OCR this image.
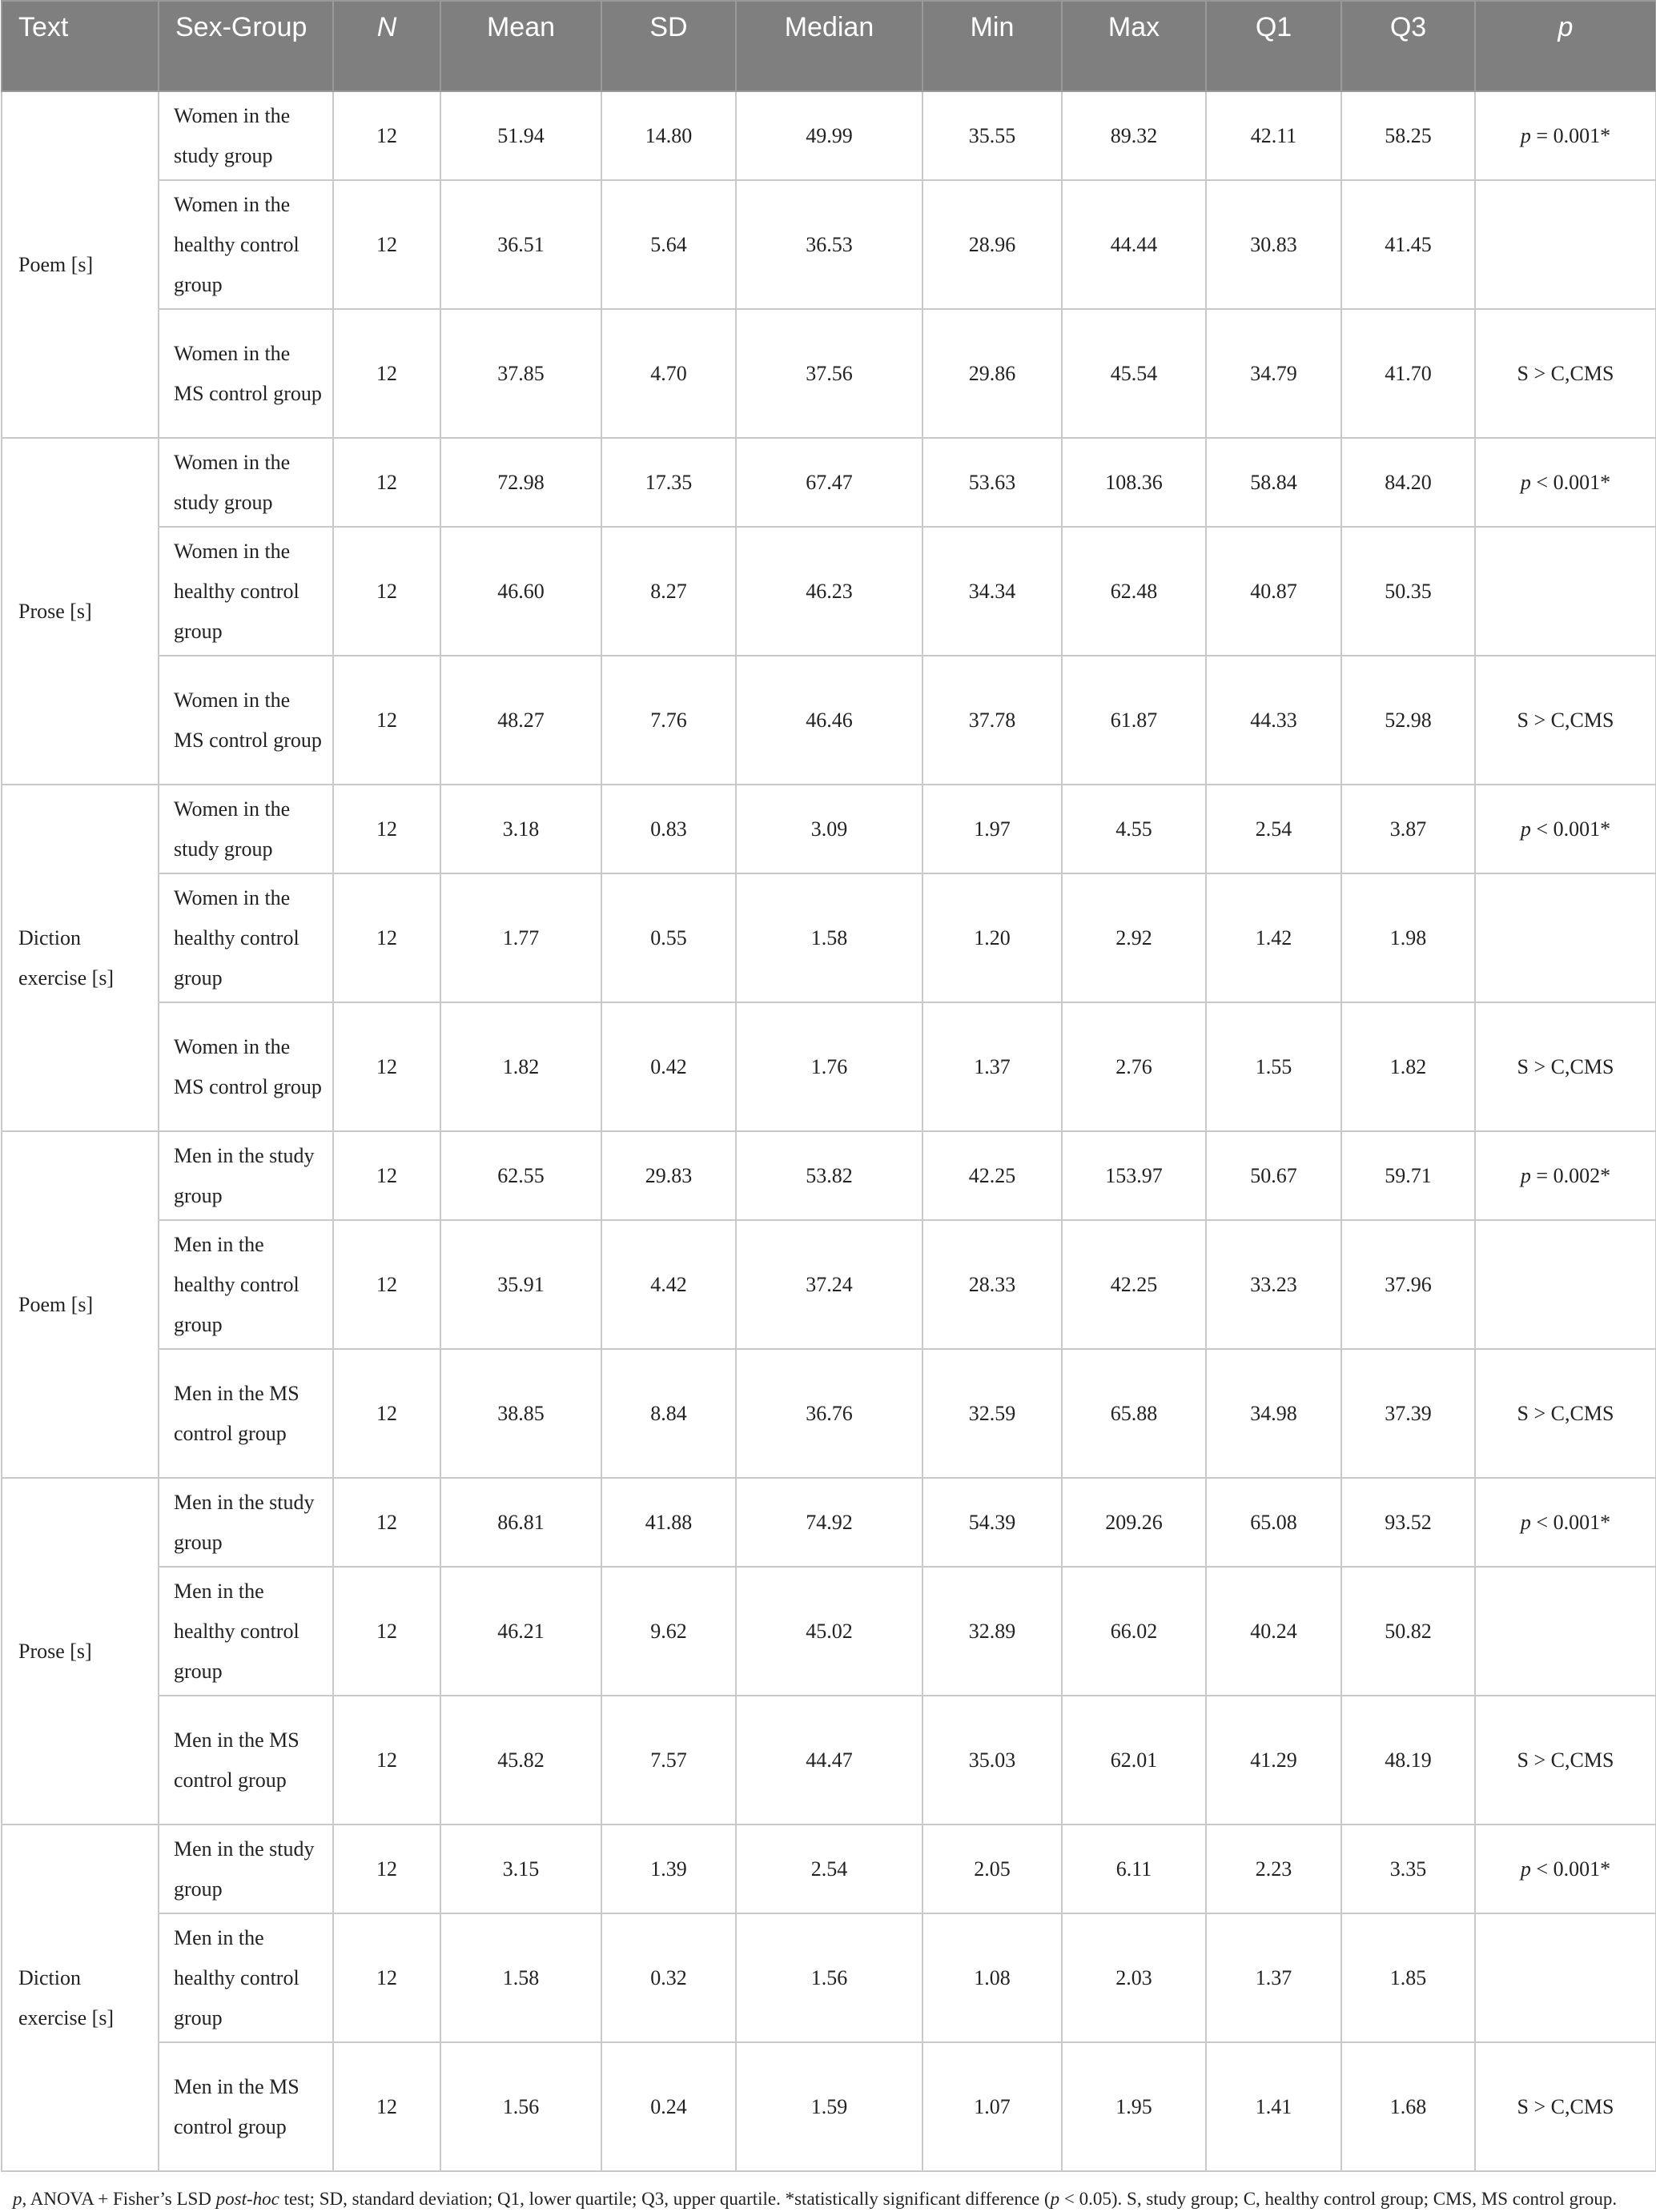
Text	Sex-Group	N	Mean	SD	Median	Min	Max	Q1	Q3	p
Poem [s]	Women in the study group	12	51.94	14.80	49.99	35.55	89.32	42.11	58.25	p = 0.001*
	Women in the healthy control group	12	36.51	5.64	36.53	28.96	44.44	30.83	41.45	
	Women in the MS control group	12	37.85	4.70	37.56	29.86	45.54	34.79	41.70	S > C,CMS
Prose [s]	Women in the study group	12	72.98	17.35	67.47	53.63	108.36	58.84	84.20	p < 0.001*
	Women in the healthy control group	12	46.60	8.27	46.23	34.34	62.48	40.87	50.35	
	Women in the MS control group	12	48.27	7.76	46.46	37.78	61.87	44.33	52.98	S > C,CMS
Diction exercise [s]	Women in the study group	12	3.18	0.83	3.09	1.97	4.55	2.54	3.87	p < 0.001*
	Women in the healthy control group	12	1.77	0.55	1.58	1.20	2.92	1.42	1.98	
	Women in the MS control group	12	1.82	0.42	1.76	1.37	2.76	1.55	1.82	S > C,CMS
Poem [s]	Men in the study group	12	62.55	29.83	53.82	42.25	153.97	50.67	59.71	p = 0.002*
	Men in the healthy control group	12	35.91	4.42	37.24	28.33	42.25	33.23	37.96	
	Men in the MS control group	12	38.85	8.84	36.76	32.59	65.88	34.98	37.39	S > C,CMS
Prose [s]	Men in the study group	12	86.81	41.88	74.92	54.39	209.26	65.08	93.52	p < 0.001*
	Men in the healthy control group	12	46.21	9.62	45.02	32.89	66.02	40.24	50.82	
	Men in the MS control group	12	45.82	7.57	44.47	35.03	62.01	41.29	48.19	S > C,CMS
Diction exercise [s]	Men in the study group	12	3.15	1.39	2.54	2.05	6.11	2.23	3.35	p < 0.001*
	Men in the healthy control group	12	1.58	0.32	1.56	1.08	2.03	1.37	1.85	
	Men in the MS control group	12	1.56	0.24	1.59	1.07	1.95	1.41	1.68	S > C,CMS
p, ANOVA + Fisher’s LSD post-hoc test; SD, standard deviation; Q1, lower quartile; Q3, upper quartile. *statistically significant difference (p < 0.05). S, study group; C, healthy control group; CMS, MS control group.
